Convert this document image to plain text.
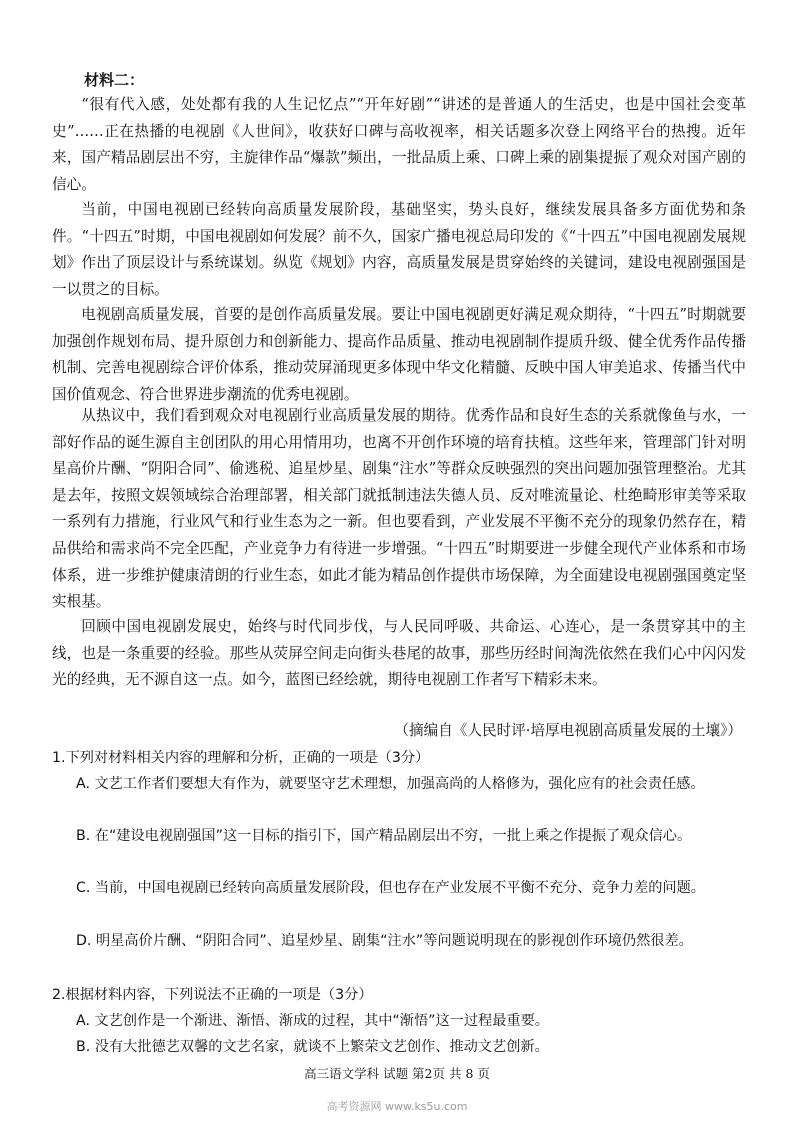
材料二：

“很有代入感，处处都有我的人生记忆点”“开年好剧”“讲述的是普通人的生活史，也是中国社会变革史”……正在热播的电视剧《人世间》，收获好口碑与高收视率，相关话题多次登上网络平台的热搜。近年来，国产精品剧层出不穷，主旋律作品“爆款”频出，一批品质上乘、口碑上乘的剧集提振了观众对国产剧的信心。

当前，中国电视剧已经转向高质量发展阶段，基础坚实，势头良好，继续发展具备多方面优势和条件。“十四五”时期，中国电视剧如何发展？前不久，国家广播电视总局印发的《“十四五”中国电视剧发展规划》作出了顶层设计与系统谋划。纵览《规划》内容，高质量发展是贯穿始终的关键词，建设电视剧强国是一以贯之的目标。

电视剧高质量发展，首要的是创作高质量发展。要让中国电视剧更好满足观众期待，“十四五”时期就要加强创作规划布局、提升原创力和创新能力、提高作品质量、推动电视剧制作提质升级、健全优秀作品传播机制、完善电视剧综合评价体系，推动荧屏涌现更多体现中华文化精髓、反映中国人审美追求、传播当代中国价值观念、符合世界进步潮流的优秀电视剧。

从热议中，我们看到观众对电视剧行业高质量发展的期待。优秀作品和良好生态的关系就像鱼与水，一部好作品的诞生源自主创团队的用心用情用功，也离不开创作环境的培育扶植。这些年来，管理部门针对明星高价片酬、“阴阳合同”、偷逃税、追星炒星、剧集“注水”等群众反映强烈的突出问题加强管理整治。尤其是去年，按照文娱领域综合治理部署，相关部门就抵制违法失德人员、反对唯流量论、杜绝畸形审美等采取一系列有力措施，行业风气和行业生态为之一新。但也要看到，产业发展不平衡不充分的现象仍然存在，精品供给和需求尚不完全匹配，产业竞争力有待进一步增强。“十四五”时期要进一步健全现代产业体系和市场体系，进一步维护健康清朗的行业生态，如此才能为精品创作提供市场保障，为全面建设电视剧强国奠定坚实根基。

回顾中国电视剧发展史，始终与时代同步伐，与人民同呼吸、共命运、心连心，是一条贯穿其中的主线，也是一条重要的经验。那些从荧屏空间走向街头巷尾的故事，那些历经时间淘洗依然在我们心中闪闪发光的经典，无不源自这一点。如今，蓝图已经绘就，期待电视剧工作者写下精彩未来。

（摘编自《人民时评·培厚电视剧高质量发展的土壤》）

1.下列对材料相关内容的理解和分析，正确的一项是（3分）

A. 文艺工作者们要想大有作为，就要坚守艺术理想，加强高尚的人格修为，强化应有的社会责任感。

B. 在“建设电视剧强国”这一目标的指引下，国产精品剧层出不穷，一批上乘之作提振了观众信心。

C. 当前，中国电视剧已经转向高质量发展阶段，但也存在产业发展不平衡不充分、竞争力差的问题。

D. 明星高价片酬、“阴阳合同”、追星炒星、剧集“注水”等问题说明现在的影视创作环境仍然很差。

2.根据材料内容，下列说法不正确的一项是（3分）

A. 文艺创作是一个渐进、渐悟、渐成的过程，其中“渐悟”这一过程最重要。

B. 没有大批德艺双馨的文艺名家，就谈不上繁荣文艺创作、推动文艺创新。

高三语文学科 试题 第2页 共 8 页
高考资源网 www.ks5u.com
